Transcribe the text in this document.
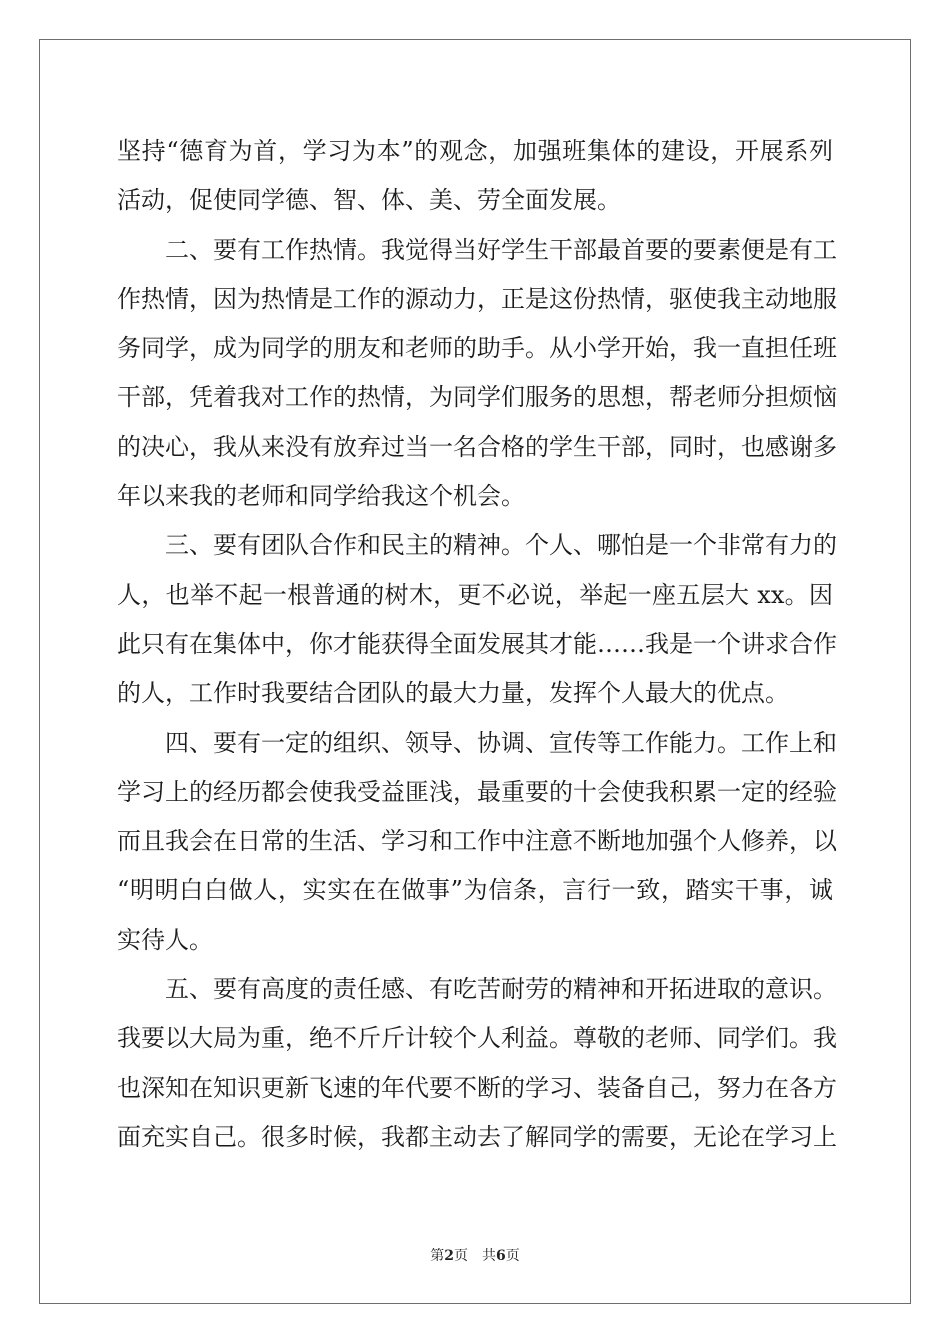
坚持“德育为首，学习为本”的观念，加强班集体的建设，开展系列
活动，促使同学德、智、体、美、劳全面发展。
二、要有工作热情。我觉得当好学生干部最首要的要素便是有工
作热情，因为热情是工作的源动力，正是这份热情，驱使我主动地服
务同学，成为同学的朋友和老师的助手。从小学开始，我一直担任班
干部，凭着我对工作的热情，为同学们服务的思想，帮老师分担烦恼
的决心，我从来没有放弃过当一名合格的学生干部，同时，也感谢多
年以来我的老师和同学给我这个机会。
三、要有团队合作和民主的精神。个人、哪怕是一个非常有力的
人，也举不起一根普通的树木，更不必说，举起一座五层大 xx。因
此只有在集体中，你才能获得全面发展其才能……我是一个讲求合作
的人，工作时我要结合团队的最大力量，发挥个人最大的优点。
四、要有一定的组织、领导、协调、宣传等工作能力。工作上和
学习上的经历都会使我受益匪浅，最重要的十会使我积累一定的经验
而且我会在日常的生活、学习和工作中注意不断地加强个人修养，以
“明明白白做人，实实在在做事”为信条，言行一致，踏实干事，诚
实待人。
五、要有高度的责任感、有吃苦耐劳的精神和开拓进取的意识。
我要以大局为重，绝不斤斤计较个人利益。尊敬的老师、同学们。我
也深知在知识更新飞速的年代要不断的学习、装备自己，努力在各方
面充实自己。很多时候，我都主动去了解同学的需要，无论在学习上
第2页 共6页
